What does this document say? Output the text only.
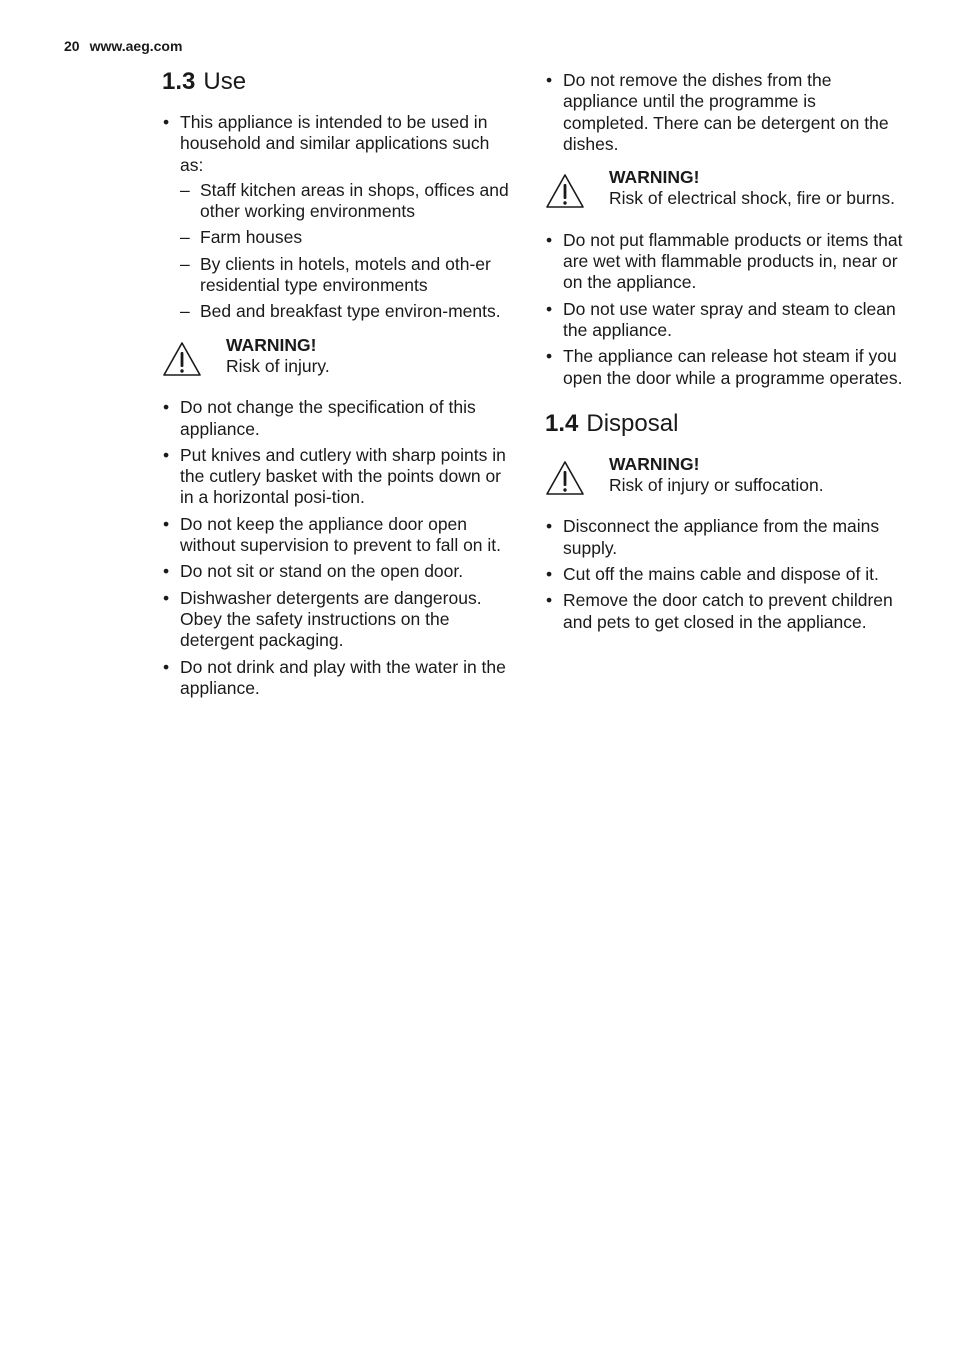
20 www.aeg.com
1.3 Use
• This appliance is intended to be used in household and similar applications such as:
– Staff kitchen areas in shops, offices and other working environments
– Farm houses
– By clients in hotels, motels and oth-er residential type environments
– Bed and breakfast type environ-ments.
WARNING!
Risk of injury.
• Do not change the specification of this appliance.
• Put knives and cutlery with sharp points in the cutlery basket with the points down or in a horizontal posi-tion.
• Do not keep the appliance door open without supervision to prevent to fall on it.
• Do not sit or stand on the open door.
• Dishwasher detergents are dangerous. Obey the safety instructions on the detergent packaging.
• Do not drink and play with the water in the appliance.
• Do not remove the dishes from the appliance until the programme is completed. There can be detergent on the dishes.
WARNING!
Risk of electrical shock, fire or burns.
• Do not put flammable products or items that are wet with flammable products in, near or on the appliance.
• Do not use water spray and steam to clean the appliance.
• The appliance can release hot steam if you open the door while a programme operates.
1.4 Disposal
WARNING!
Risk of injury or suffocation.
• Disconnect the appliance from the mains supply.
• Cut off the mains cable and dispose of it.
• Remove the door catch to prevent children and pets to get closed in the appliance.
